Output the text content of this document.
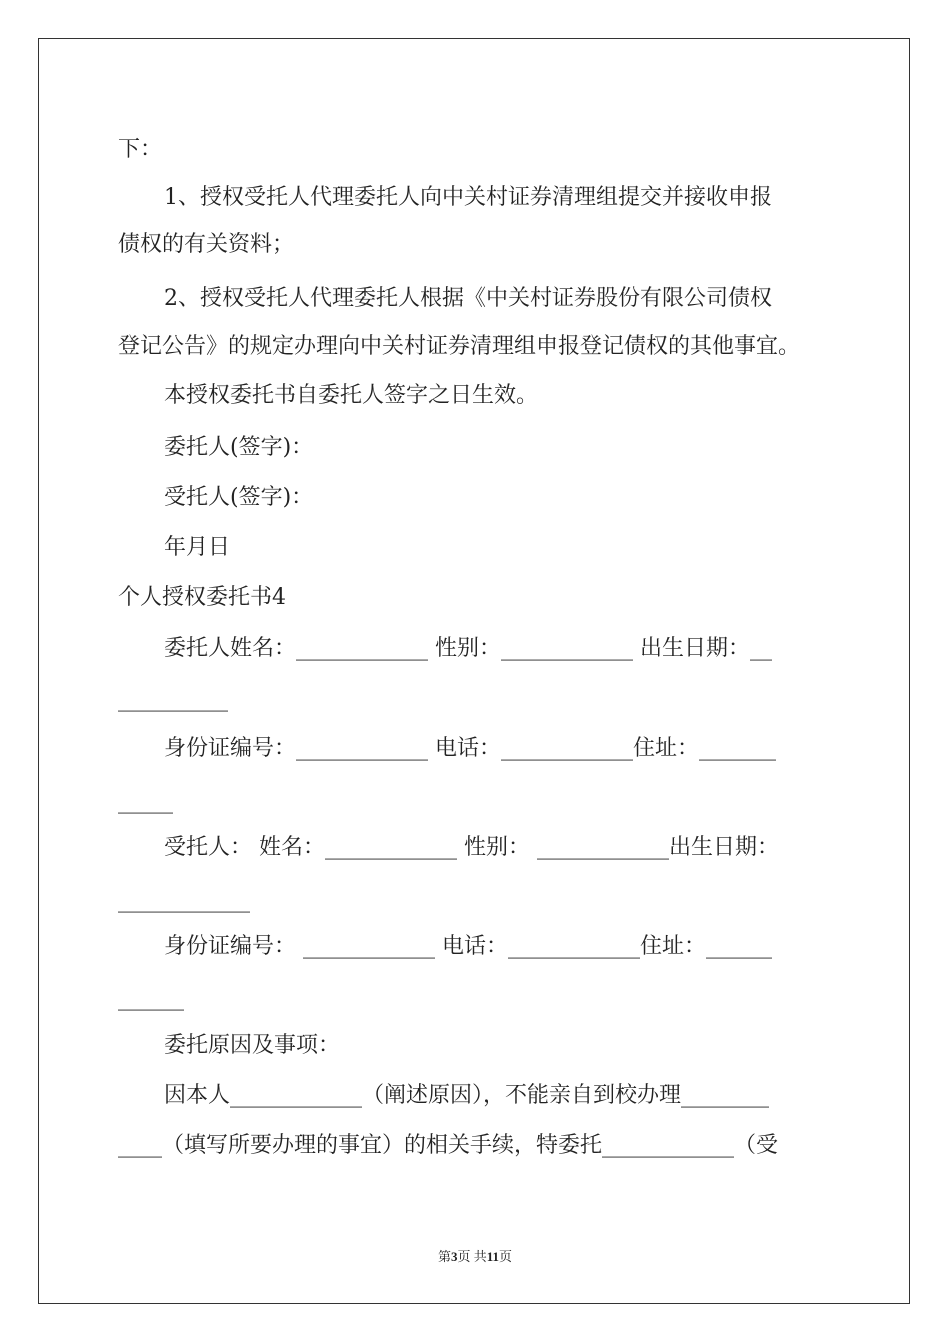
下：
1、授权受托人代理委托人向中关村证券清理组提交并接收申报
债权的有关资料；
2、授权受托人代理委托人根据《中关村证券股份有限公司债权
登记公告》的规定办理向中关村证券清理组申报登记债权的其他事宜。
本授权委托书自委托人签字之日生效。
委托人(签字)：
受托人(签字)：
年月日
个人授权委托书4
委托人姓名：____________ 性别：____________ 出生日期：__
__________
身份证编号：____________ 电话：____________住址：_______
_____
受托人： 姓名：____________ 性别： ____________出生日期：
____________
身份证编号： ____________ 电话：____________住址：______
______
委托原因及事项：
因本人____________（阐述原因），不能亲自到校办理________
____（填写所要办理的事宜）的相关手续，特委托____________（受
第3页 共11页
